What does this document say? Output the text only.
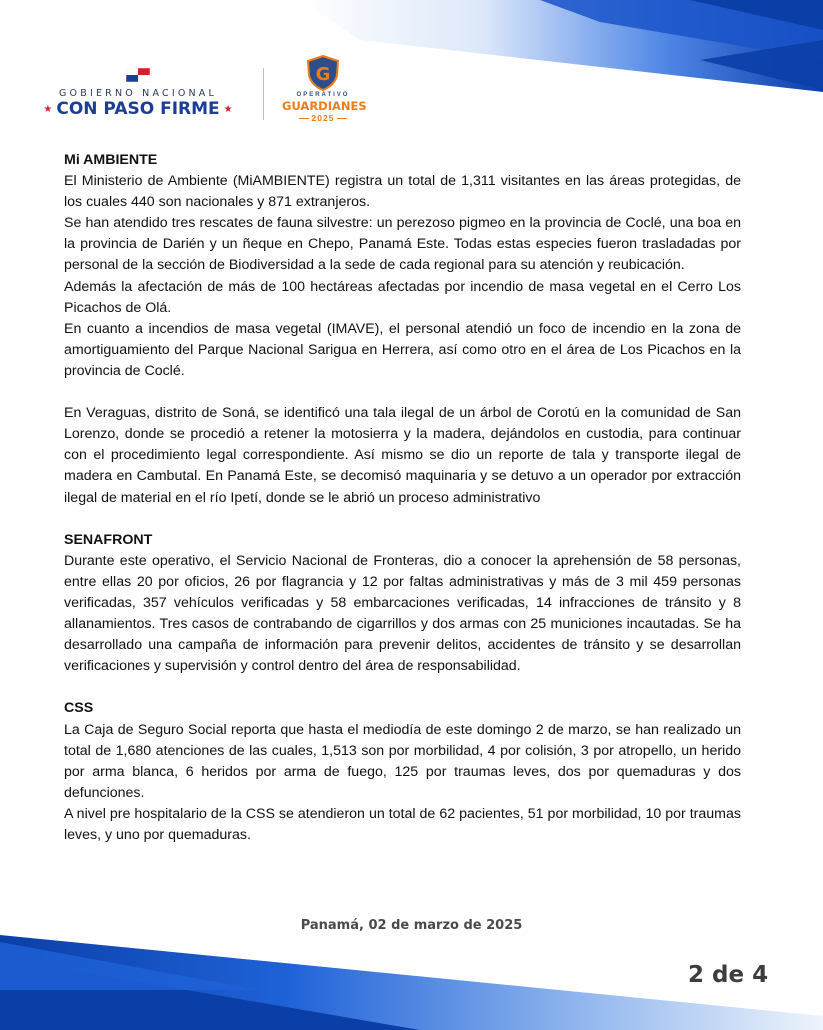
GOBIERNO NACIONAL
★ CON PASO FIRME ★
G
OPERATIVO
GUARDIANES
2025
Mi AMBIENTE

El Ministerio de Ambiente (MiAMBIENTE) registra un total de 1,311 visitantes en las áreas protegidas, de los cuales 440 son nacionales y 871 extranjeros.

Se han atendido tres rescates de fauna silvestre: un perezoso pigmeo en la provincia de Coclé, una boa en la provincia de Darién y un ñeque en Chepo, Panamá Este. Todas estas especies fueron trasladadas por personal de la sección de Biodiversidad a la sede de cada regional para su atención y reubicación.

Además la afectación de más de 100 hectáreas afectadas por incendio de masa vegetal en el Cerro Los Picachos de Olá.

En cuanto a incendios de masa vegetal (IMAVE), el personal atendió un foco de incendio en la zona de amortiguamiento del Parque Nacional Sarigua en Herrera, así como otro en el área de Los Picachos en la provincia de Coclé.

En Veraguas, distrito de Soná, se identificó una tala ilegal de un árbol de Corotú en la comunidad de San Lorenzo, donde se procedió a retener la motosierra y la madera, dejándolos en custodia, para continuar con el procedimiento legal correspondiente. Así mismo se dio un reporte de tala y transporte ilegal de madera en Cambutal. En Panamá Este, se decomisó maquinaria y se detuvo a un operador por extracción ilegal de material en el río Ipetí, donde se le abrió un proceso administrativo

SENAFRONT

Durante este operativo, el Servicio Nacional de Fronteras, dio a conocer la aprehensión de 58 personas, entre ellas 20 por oficios, 26 por flagrancia y 12 por faltas administrativas y más de 3 mil 459 personas verificadas, 357 vehículos verificadas y 58 embarcaciones verificadas, 14 infracciones de tránsito y 8 allanamientos. Tres casos de contrabando de cigarrillos y dos armas con 25 municiones incautadas. Se ha desarrollado una campaña de información para prevenir delitos, accidentes de tránsito y se desarrollan verificaciones y supervisión y control dentro del área de responsabilidad.

CSS

La Caja de Seguro Social reporta que hasta el mediodía de este domingo 2 de marzo, se han realizado un total de 1,680 atenciones de las cuales, 1,513 son por morbilidad, 4 por colisión, 3 por atropello, un herido por arma blanca, 6 heridos por arma de fuego, 125 por traumas leves, dos por quemaduras y dos defunciones.

A nivel pre hospitalario de la CSS se atendieron un total de 62 pacientes, 51 por morbilidad, 10 por traumas leves, y uno por quemaduras.

Panamá, 02 de marzo de 2025
2 de 4
